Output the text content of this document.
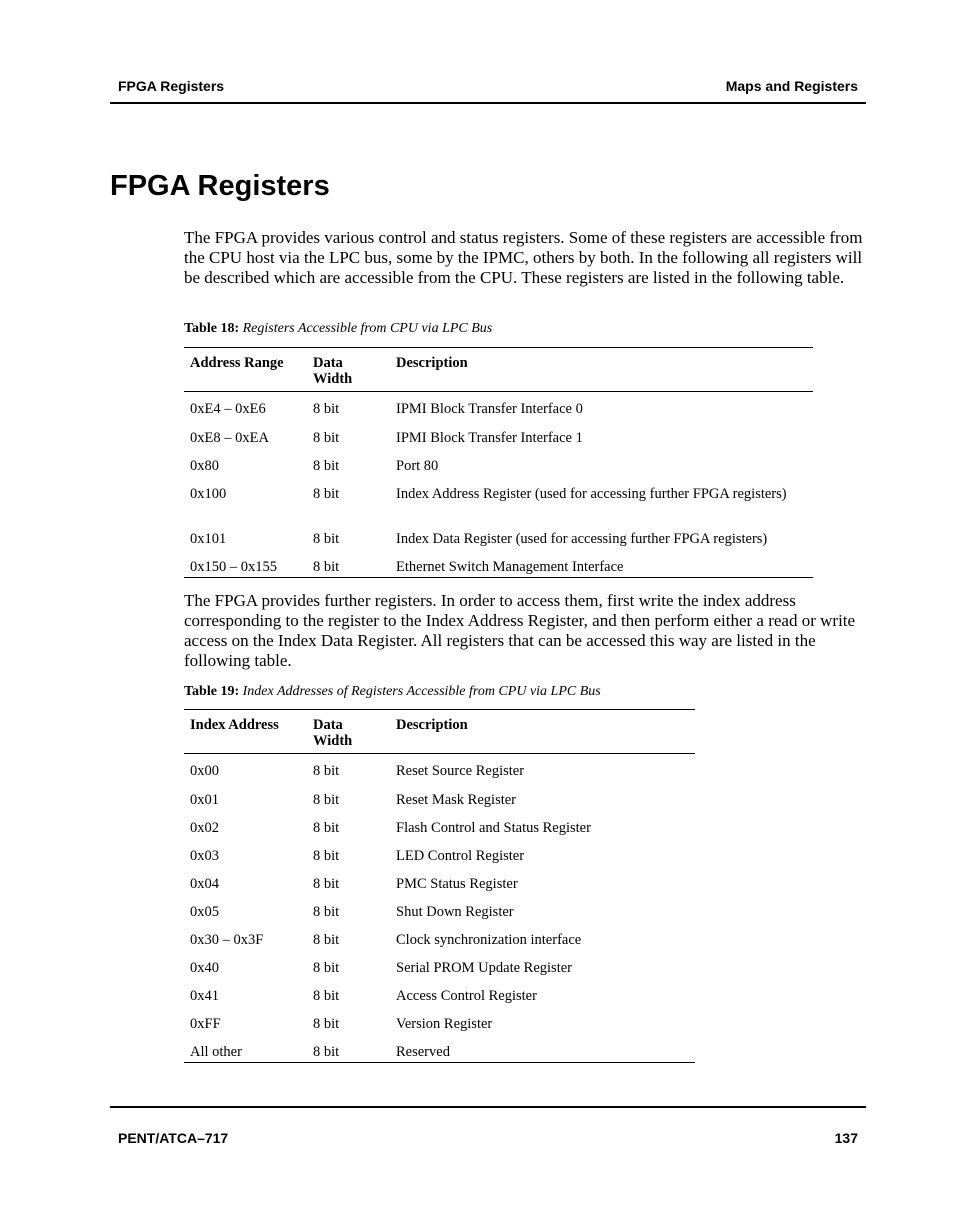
FPGA Registers	Maps and Registers
FPGA Registers

The FPGA provides various control and status registers. Some of these registers are accessible from the CPU host via the LPC bus, some by the IPMC, others by both. In the following all registers will be described which are accessible from the CPU. These registers are listed in the following table.

Table 18: Registers Accessible from CPU via LPC Bus

Address Range	Data Width	Description
0xE4 – 0xE6	8 bit	IPMI Block Transfer Interface 0
0xE8 – 0xEA	8 bit	IPMI Block Transfer Interface 1
0x80	8 bit	Port 80
0x100	8 bit	Index Address Register (used for accessing further FPGA registers)
0x101	8 bit	Index Data Register (used for accessing further FPGA registers)
0x150 – 0x155	8 bit	Ethernet Switch Management Interface

The FPGA provides further registers. In order to access them, first write the index address corresponding to the register to the Index Address Register, and then perform either a read or write access on the Index Data Register. All registers that can be accessed this way are listed in the following table.

Table 19: Index Addresses of Registers Accessible from CPU via LPC Bus

Index Address	Data Width	Description
0x00	8 bit	Reset Source Register
0x01	8 bit	Reset Mask Register
0x02	8 bit	Flash Control and Status Register
0x03	8 bit	LED Control Register
0x04	8 bit	PMC Status Register
0x05	8 bit	Shut Down Register
0x30 – 0x3F	8 bit	Clock synchronization interface
0x40	8 bit	Serial PROM Update Register
0x41	8 bit	Access Control Register
0xFF	8 bit	Version Register
All other	8 bit	Reserved
PENT/ATCA–717	137
